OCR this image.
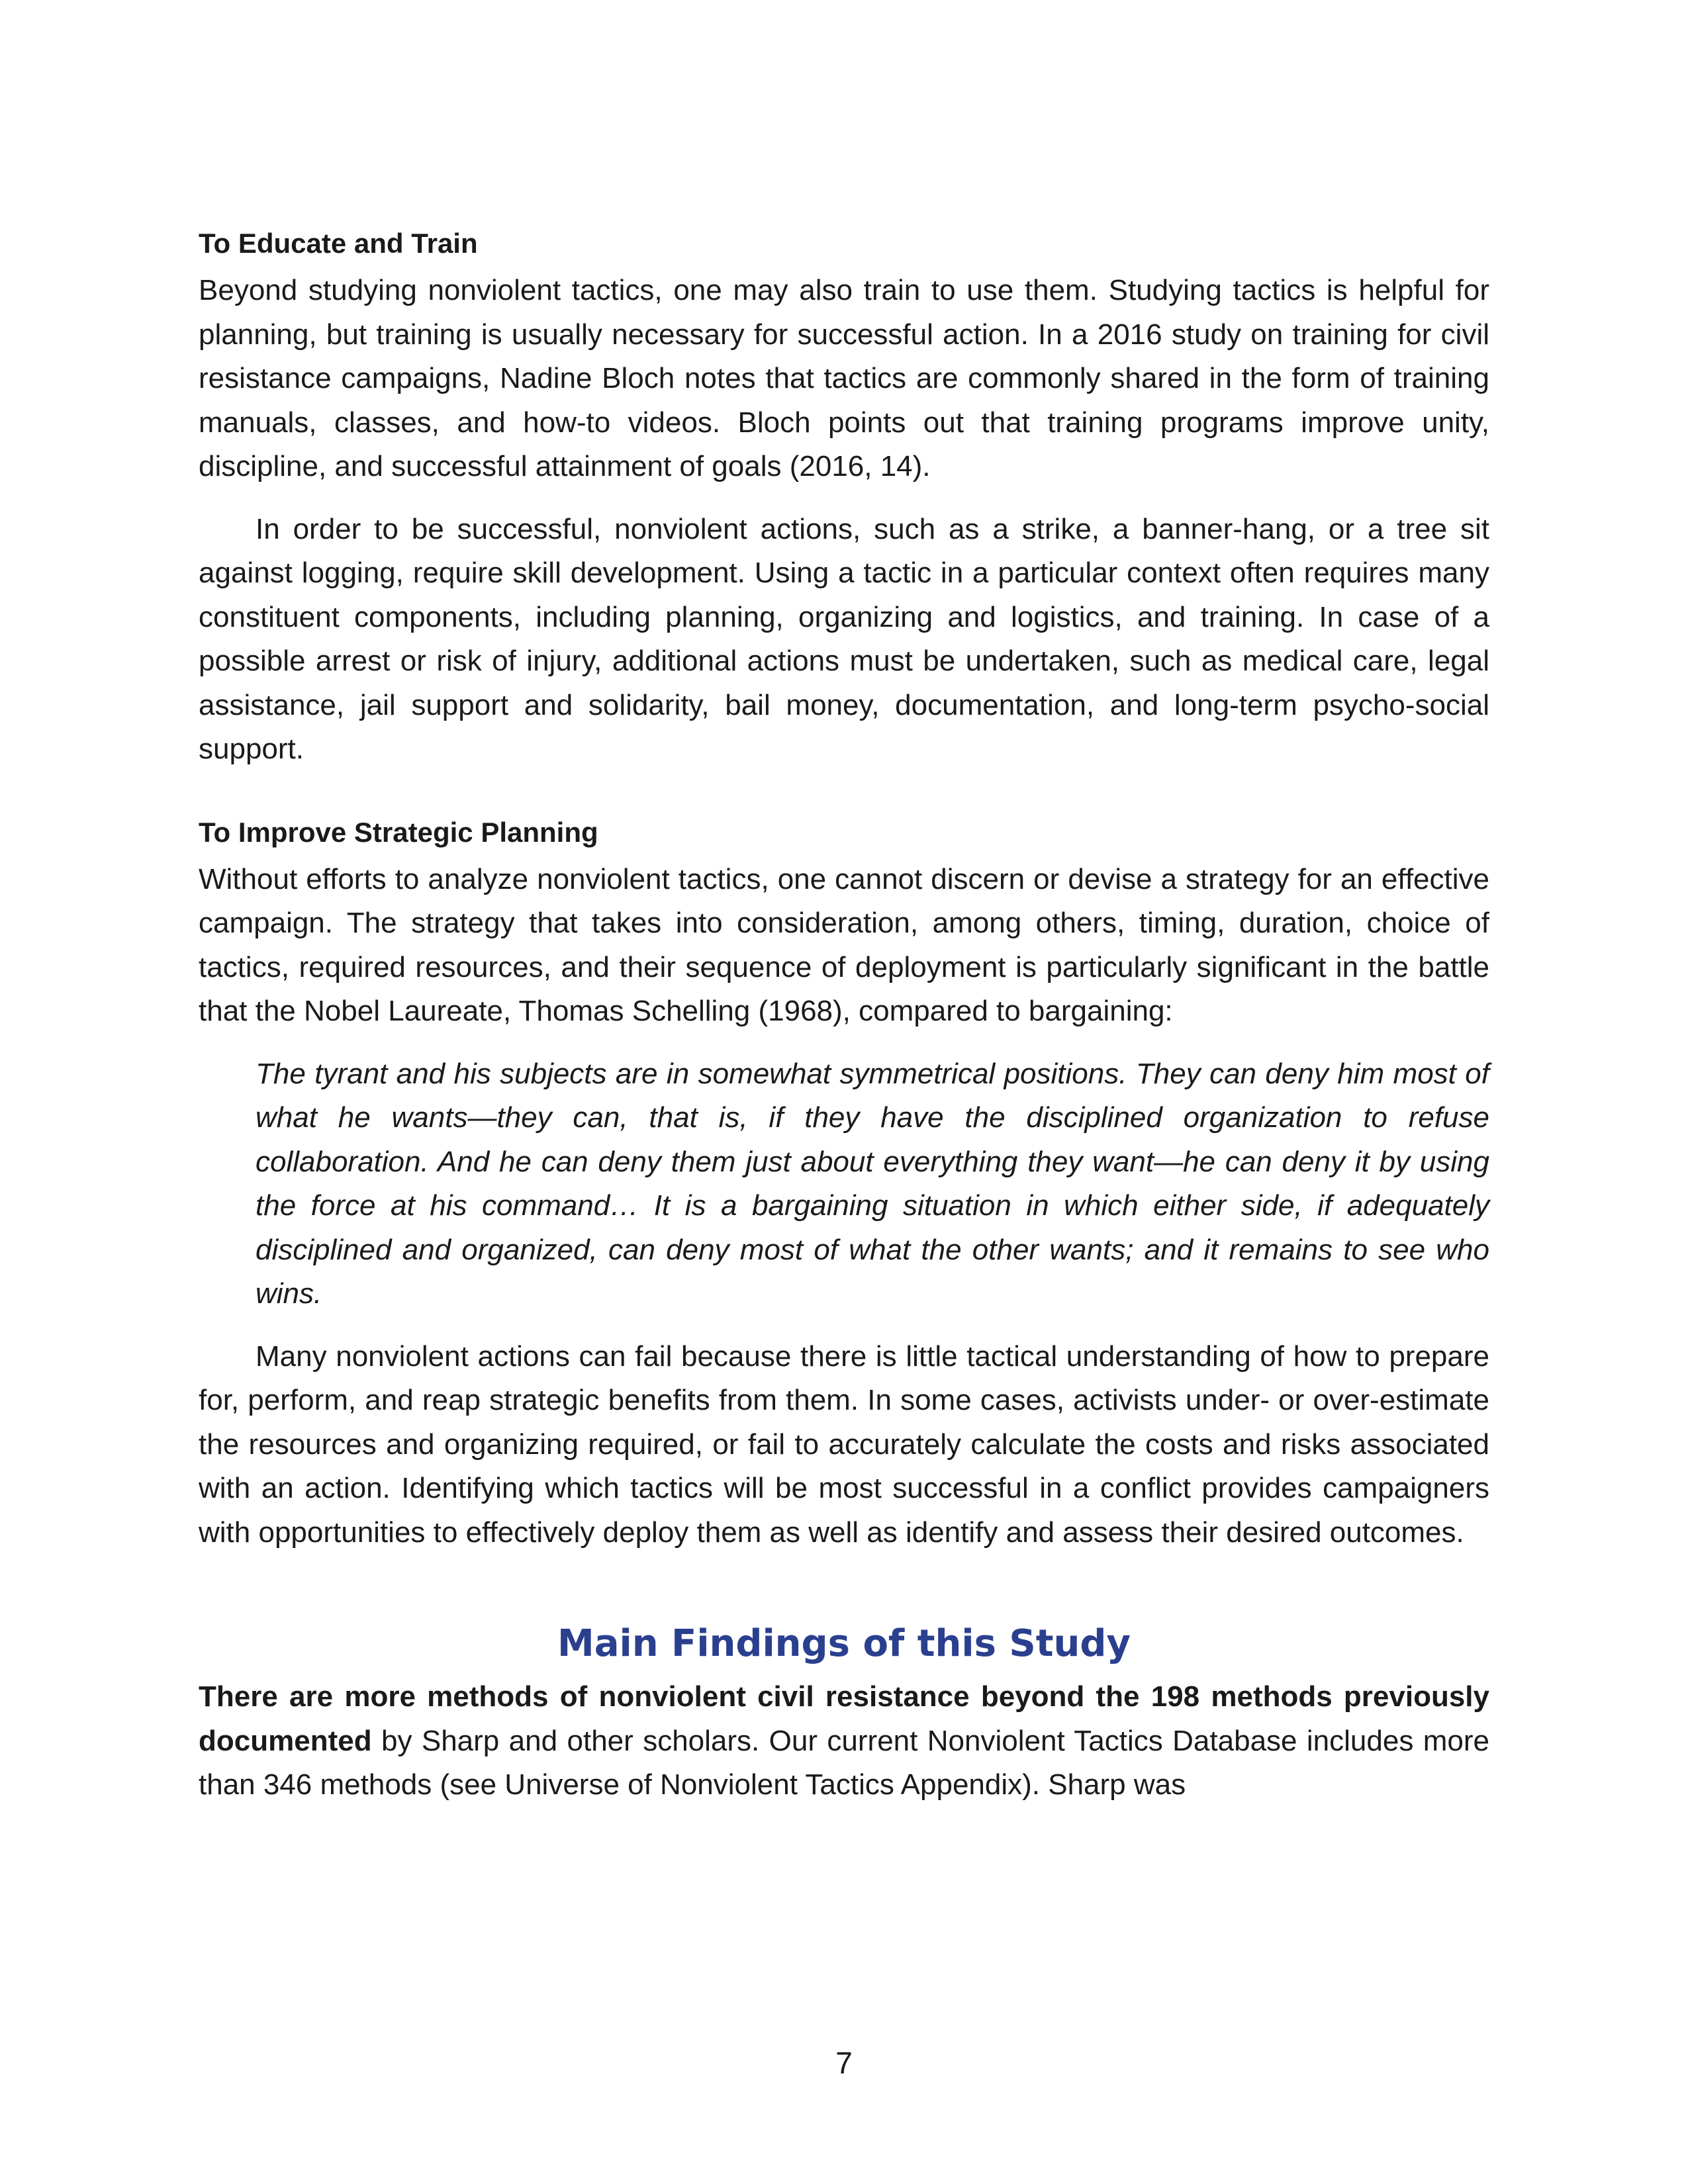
To Educate and Train

Beyond studying nonviolent tactics, one may also train to use them. Studying tactics is helpful for planning, but training is usually necessary for successful action. In a 2016 study on training for civil resistance campaigns, Nadine Bloch notes that tactics are commonly shared in the form of training manuals, classes, and how-to videos. Bloch points out that training programs improve unity, discipline, and successful attainment of goals (2016, 14).

In order to be successful, nonviolent actions, such as a strike, a banner-hang, or a tree sit against logging, require skill development. Using a tactic in a particular context often requires many constituent components, including planning, organizing and logistics, and training. In case of a possible arrest or risk of injury, additional actions must be undertaken, such as medical care, legal assistance, jail support and solidarity, bail money, documentation, and long-term psycho-social support.

To Improve Strategic Planning

Without efforts to analyze nonviolent tactics, one cannot discern or devise a strategy for an effective campaign. The strategy that takes into consideration, among others, timing, duration, choice of tactics, required resources, and their sequence of deployment is particularly significant in the battle that the Nobel Laureate, Thomas Schelling (1968), compared to bargaining:

The tyrant and his subjects are in somewhat symmetrical positions. They can deny him most of what he wants—they can, that is, if they have the disciplined organization to refuse collaboration. And he can deny them just about everything they want—he can deny it by using the force at his command… It is a bargaining situation in which either side, if adequately disciplined and organized, can deny most of what the other wants; and it remains to see who wins.

Many nonviolent actions can fail because there is little tactical understanding of how to prepare for, perform, and reap strategic benefits from them. In some cases, activists under- or over-estimate the resources and organizing required, or fail to accurately calculate the costs and risks associated with an action. Identifying which tactics will be most successful in a conflict provides campaigners with opportunities to effectively deploy them as well as identify and assess their desired outcomes.

Main Findings of this Study

There are more methods of nonviolent civil resistance beyond the 198 methods previously documented by Sharp and other scholars. Our current Nonviolent Tactics Database includes more than 346 methods (see Universe of Nonviolent Tactics Appendix). Sharp was

7
